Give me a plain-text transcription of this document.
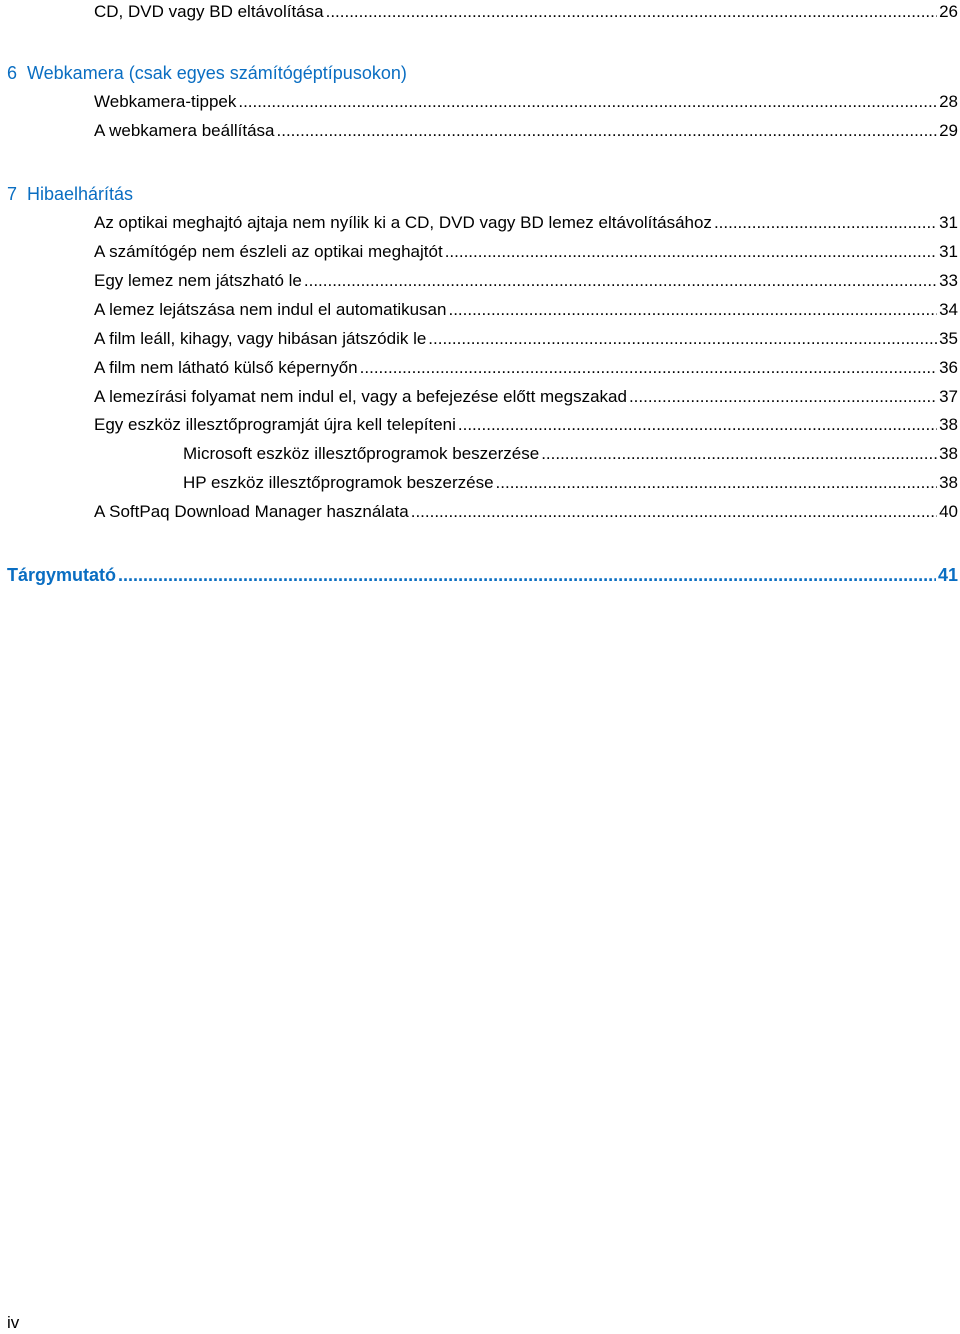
CD, DVD vagy BD eltávolítása .....	26
6 Webkamera (csak egyes számítógéptípusokon)
Webkamera-tippek .....	28
A webkamera beállítása .....	29
7 Hibaelhárítás
Az optikai meghajtó ajtaja nem nyílik ki a CD, DVD vagy BD lemez eltávolításához .....	31
A számítógép nem észleli az optikai meghajtót .....	31
Egy lemez nem játszható le .....	33
A lemez lejátszása nem indul el automatikusan .....	34
A film leáll, kihagy, vagy hibásan játszódik le .....	35
A film nem látható külső képernyőn .....	36
A lemezírási folyamat nem indul el, vagy a befejezése előtt megszakad .....	37
Egy eszköz illesztőprogramját újra kell telepíteni .....	38
Microsoft eszköz illesztőprogramok beszerzése .....	38
HP eszköz illesztőprogramok beszerzése .....	38
A SoftPaq Download Manager használata .....	40
Tárgymutató .....	41
iv
